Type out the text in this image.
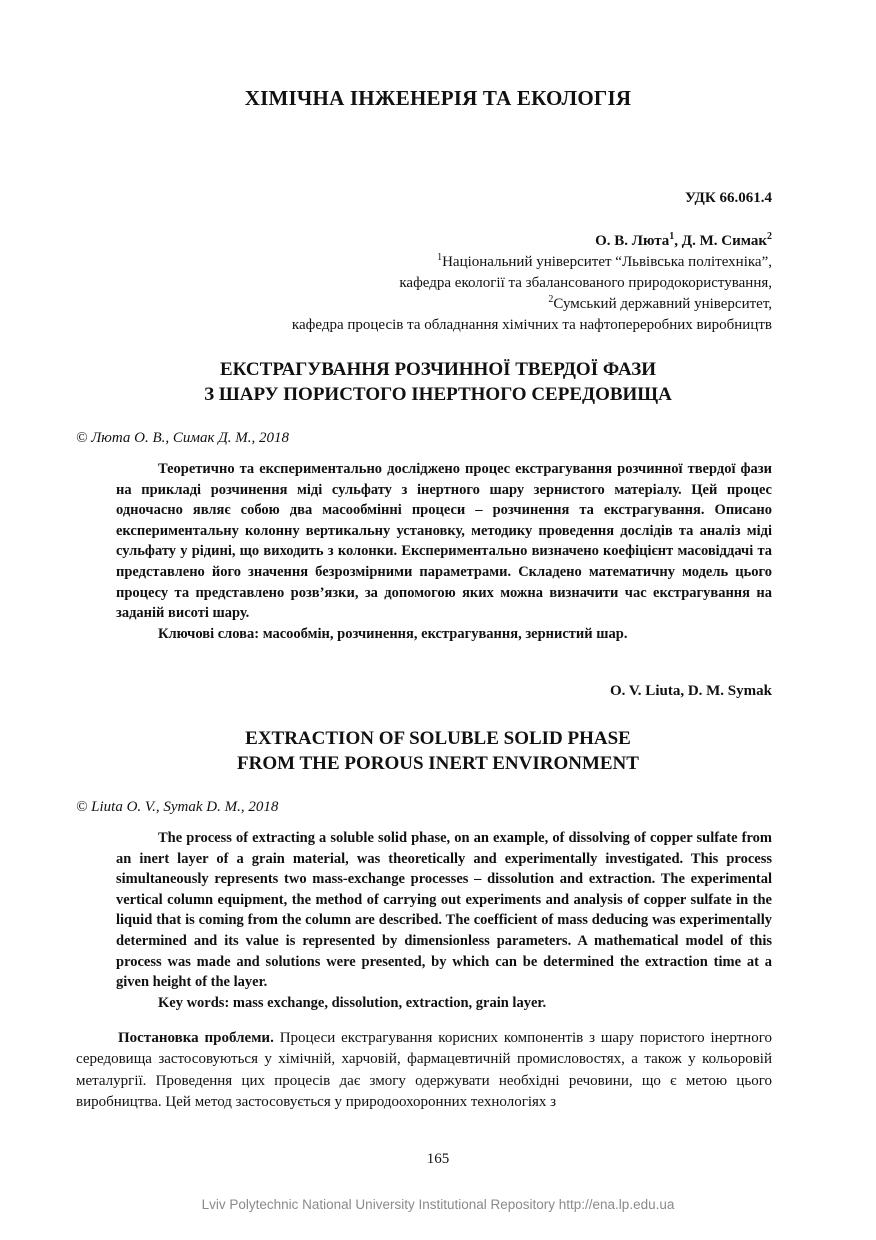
ХІМІЧНА ІНЖЕНЕРІЯ ТА ЕКОЛОГІЯ
УДК 66.061.4
О. В. Люта$^1$, Д. М. Симак$^2$
$^1$Національний університет “Львівська політехніка”,
кафедра екології та збалансованого природокористування,
$^2$Сумський державний університет,
кафедра процесів та обладнання хімічних та нафтопереробних виробництв
ЕКСТРАГУВАННЯ РОЗЧИННОЇ ТВЕРДОЇ ФАЗИ
З ШАРУ ПОРИСТОГО ІНЕРТНОГО СЕРЕДОВИЩА
© Люта О. В., Симак Д. М., 2018

Теоретично та експериментально досліджено процес екстрагування розчинної твердої фази на прикладі розчинення міді сульфату з інертного шару зернистого матеріалу. Цей процес одночасно являє собою два масообмінні процеси – розчинення та екстрагування. Описано експериментальну колонну вертикальну установку, методику проведення дослідів та аналіз міді сульфату у рідині, що виходить з колонки. Експериментально визначено коефіцієнт масовіддачі та представлено його значення безрозмірними параметрами. Складено математичну модель цього процесу та представлено розв’язки, за допомогою яких можна визначити час екстрагування на заданій висоті шару.

Ключові слова: масообмін, розчинення, екстрагування, зернистий шар.

O. V. Liuta, D. M. Symak
EXTRACTION OF SOLUBLE SOLID PHASE
FROM THE POROUS INERT ENVIRONMENT
© Liuta O. V., Symak D. M., 2018

The process of extracting a soluble solid phase, on an example, of dissolving of copper sulfate from an inert layer of a grain material, was theoretically and experimentally investigated. This process simultaneously represents two mass-exchange processes – dissolution and extraction. The experimental vertical column equipment, the method of carrying out experiments and analysis of copper sulfate in the liquid that is coming from the column are described. The coefficient of mass deducing was experimentally determined and its value is represented by dimensionless parameters. A mathematical model of this process was made and solutions were presented, by which can be determined the extraction time at a given height of the layer.

Key words: mass exchange, dissolution, extraction, grain layer.

Постановка проблеми. Процеси екстрагування корисних компонентів з шару пористого інертного середовища застосовуються у хімічній, харчовій, фармацевтичній промисловостях, а також у кольоровій металургії. Проведення цих процесів дає змогу одержувати необхідні речовини, що є метою цього виробництва. Цей метод застосовується у природоохоронних технологіях з

165
Lviv Polytechnic National University Institutional Repository http://ena.lp.edu.ua
